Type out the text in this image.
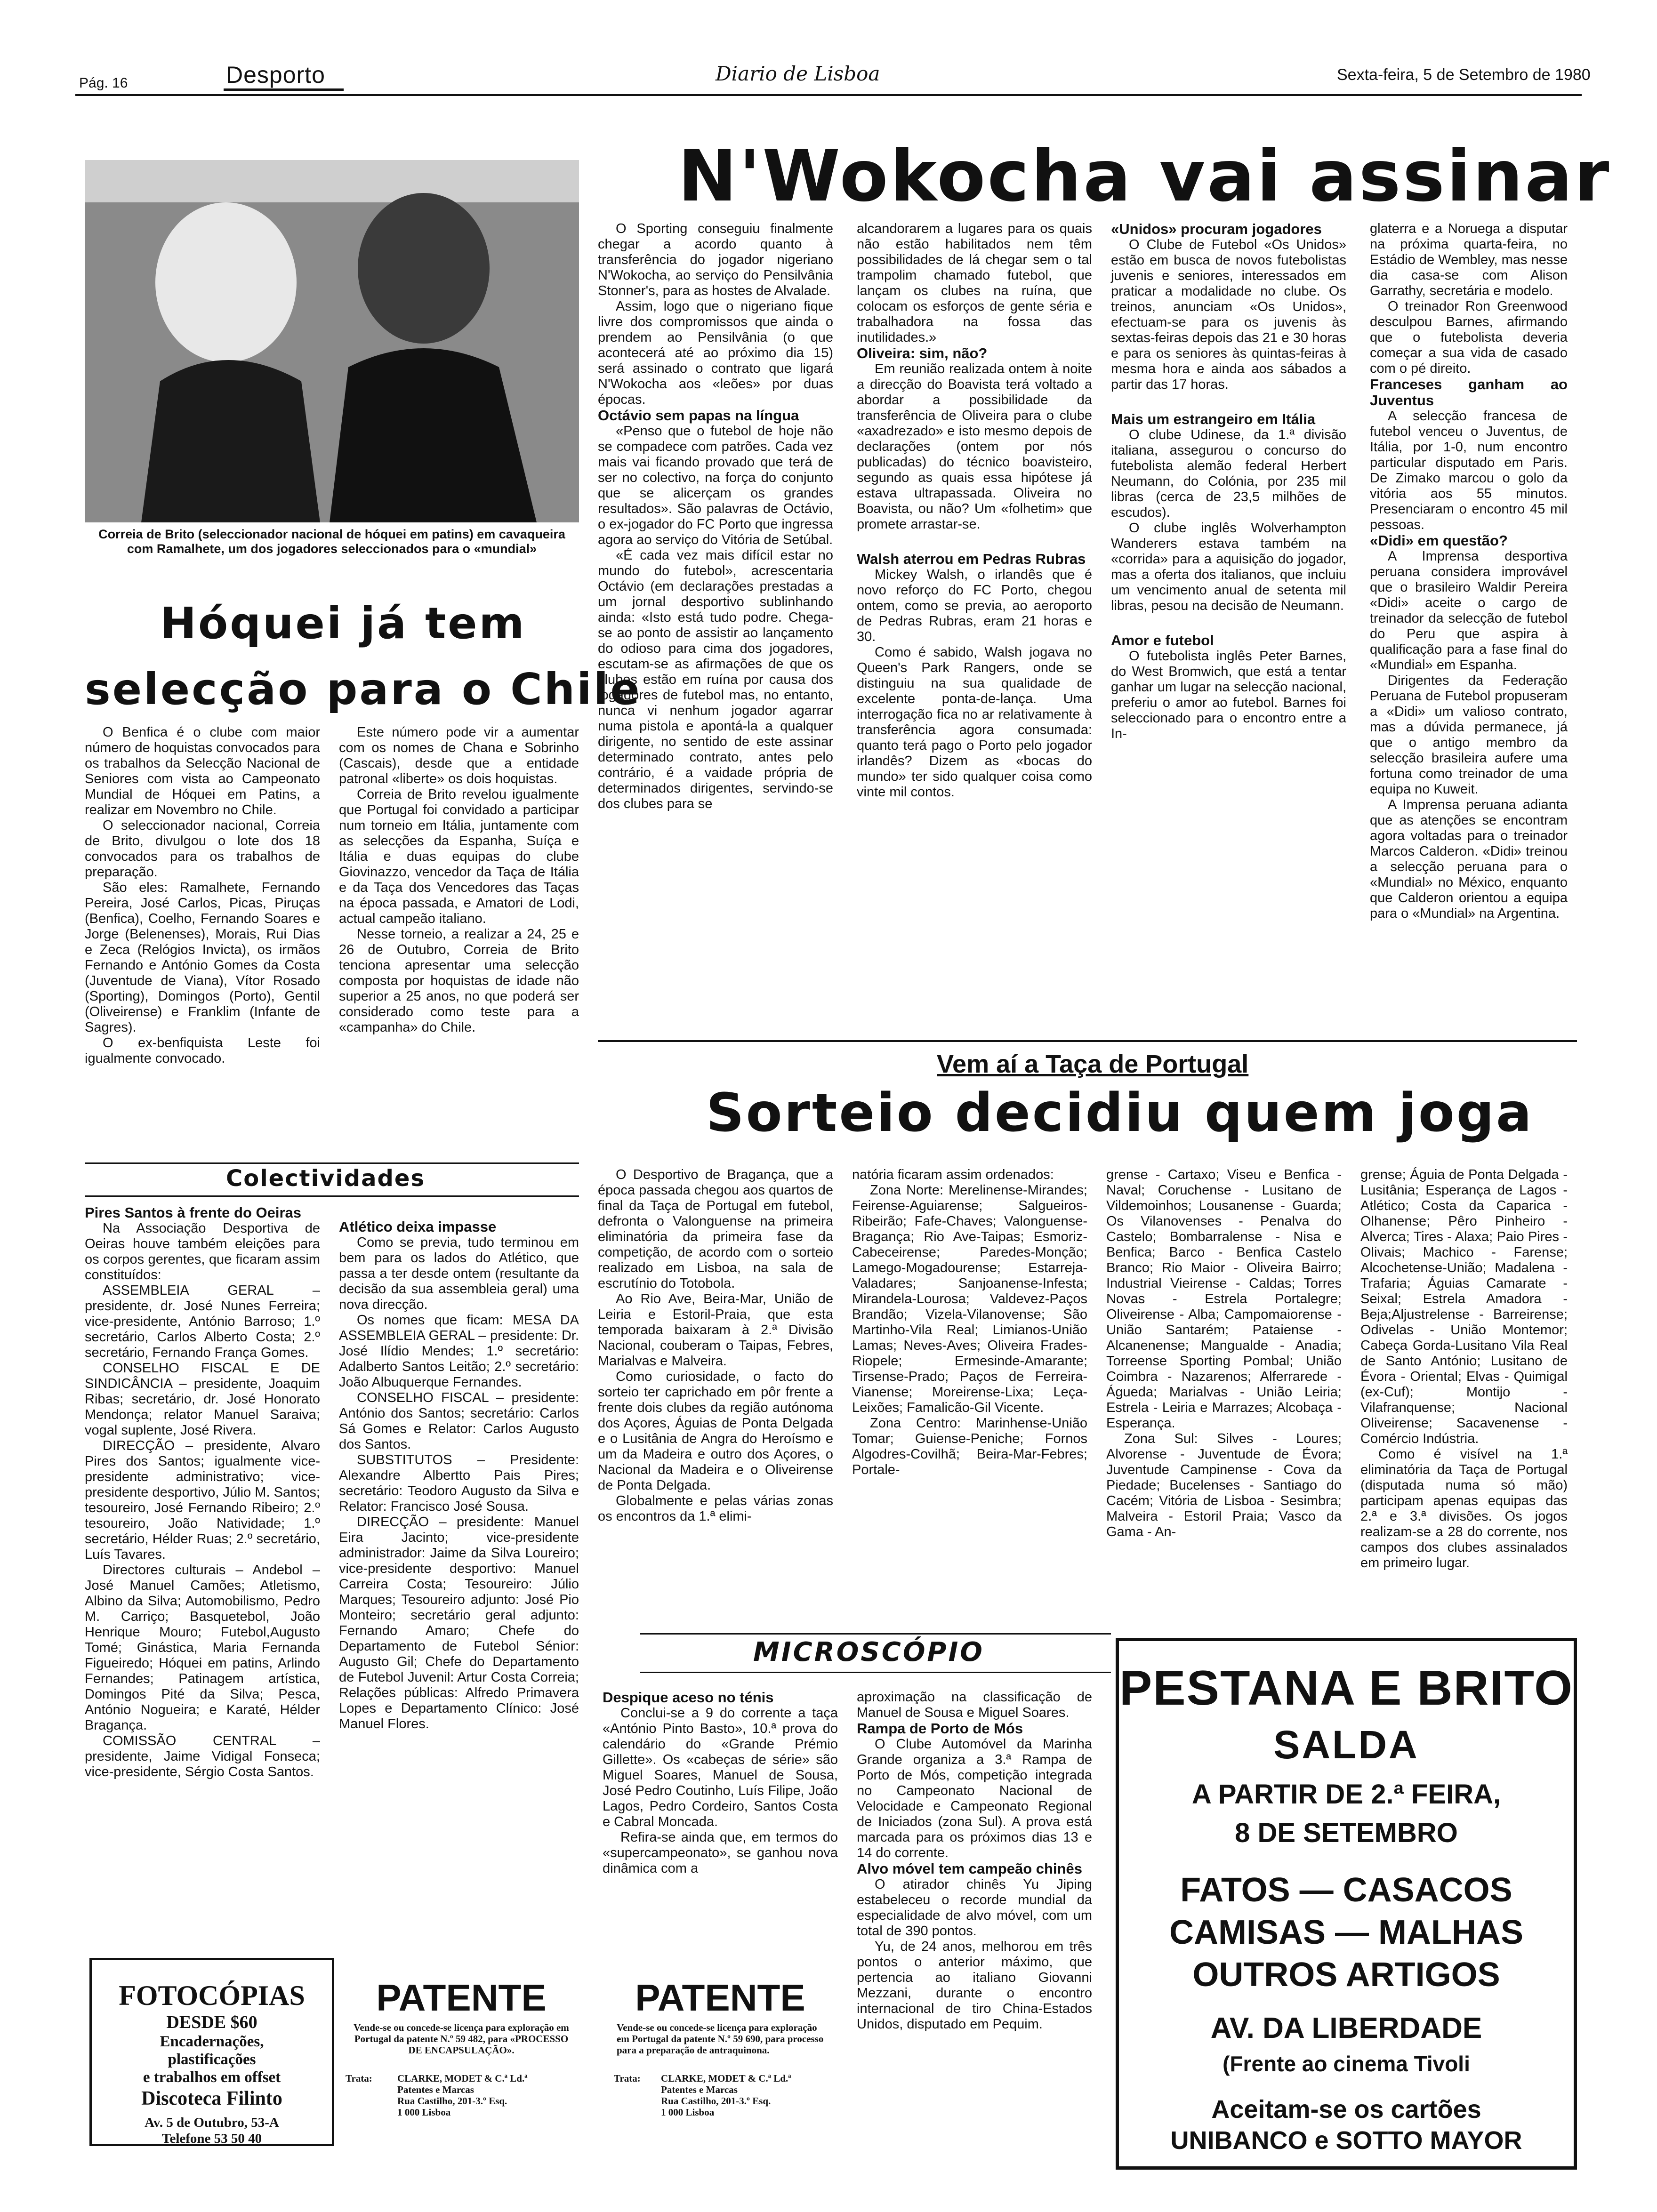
Pág. 16	Desporto	Diario de Lisboa	Sexta-feira, 5 de Setembro de 1980
N'Wokocha vai assinar
Correia de Brito (seleccionador nacional de hóquei em patins) em cavaqueira com Ramalhete, um dos jogadores seleccionados para o «mundial»
Hóquei já tem
selecção para o Chile

O Benfica é o clube com maior número de hoquistas convocados para os trabalhos da Selecção Nacional de Seniores com vista ao Campeonato Mundial de Hóquei em Patins, a realizar em Novembro no Chile.

O seleccionador nacional, Correia de Brito, divulgou o lote dos 18 convocados para os trabalhos de preparação.

São eles: Ramalhete, Fernando Pereira, José Carlos, Picas, Piruças (Benfica), Coelho, Fernando Soares e Jorge (Belenenses), Morais, Rui Dias e Zeca (Relógios Invicta), os irmãos Fernando e António Gomes da Costa (Juventude de Viana), Vítor Rosado (Sporting), Domingos (Porto), Gentil (Oliveirense) e Franklim (Infante de Sagres).

O ex-benfiquista Leste foi igualmente convocado.

Este número pode vir a aumentar com os nomes de Chana e Sobrinho (Cascais), desde que a entidade patronal «liberte» os dois hoquistas.

Correia de Brito revelou igualmente que Portugal foi convidado a participar num torneio em Itália, juntamente com as selecções da Espanha, Suíça e Itália e duas equipas do clube Giovinazzo, vencedor da Taça de Itália e da Taça dos Vencedores das Taças na época passada, e Amatori de Lodi, actual campeão italiano.

Nesse torneio, a realizar a 24, 25 e 26 de Outubro, Correia de Brito tenciona apresentar uma selecção composta por hoquistas de idade não superior a 25 anos, no que poderá ser considerado como teste para a «campanha» do Chile.

O Sporting conseguiu finalmente chegar a acordo quanto à transferência do jogador nigeriano N'Wokocha, ao serviço do Pensilvânia Stonner's, para as hostes de Alvalade.

Assim, logo que o nigeriano fique livre dos compromissos que ainda o prendem ao Pensilvânia (o que acontecerá até ao próximo dia 15) será assinado o contrato que ligará N'Wokocha aos «leões» por duas épocas.

Octávio sem papas na língua

«Penso que o futebol de hoje não se compadece com patrões. Cada vez mais vai ficando provado que terá de ser no colectivo, na força do conjunto que se alicerçam os grandes resultados». São palavras de Octávio, o ex-jogador do FC Porto que ingressa agora ao serviço do Vitória de Setúbal.

«É cada vez mais difícil estar no mundo do futebol», acrescentaria Octávio (em declarações prestadas a um jornal desportivo sublinhando ainda: «Isto está tudo podre. Chega-se ao ponto de assistir ao lançamento do odioso para cima dos jogadores, escutam-se as afirmações de que os clubes estão em ruína por causa dos jogadores de futebol mas, no entanto, nunca vi nenhum jogador agarrar numa pistola e apontá-la a qualquer dirigente, no sentido de este assinar determinado contrato, antes pelo contrário, é a vaidade própria de determinados dirigentes, servindo-se dos clubes para se

alcandorarem a lugares para os quais não estão habilitados nem têm possibilidades de lá chegar sem o tal trampolim chamado futebol, que lançam os clubes na ruína, que colocam os esforços de gente séria e trabalhadora na fossa das inutilidades.»

Oliveira: sim, não?

Em reunião realizada ontem à noite a direcção do Boavista terá voltado a abordar a possibilidade da transferência de Oliveira para o clube «axadrezado» e isto mesmo depois de declarações (ontem por nós publicadas) do técnico boavisteiro, segundo as quais essa hipótese já estava ultrapassada. Oliveira no Boavista, ou não? Um «folhetim» que promete arrastar-se.

Walsh aterrou em Pedras Rubras

Mickey Walsh, o irlandês que é novo reforço do FC Porto, chegou ontem, como se previa, ao aeroporto de Pedras Rubras, eram 21 horas e 30.

Como é sabido, Walsh jogava no Queen's Park Rangers, onde se distinguiu na sua qualidade de excelente ponta-de-lança. Uma interrogação fica no ar relativamente à transferência agora consumada: quanto terá pago o Porto pelo jogador irlandês? Dizem as «bocas do mundo» ter sido qualquer coisa como vinte mil contos.

«Unidos» procuram jogadores

O Clube de Futebol «Os Unidos» estão em busca de novos futebolistas juvenis e seniores, interessados em praticar a modalidade no clube. Os treinos, anunciam «Os Unidos», efectuam-se para os juvenis às sextas-feiras depois das 21 e 30 horas e para os seniores às quintas-feiras à mesma hora e ainda aos sábados a partir das 17 horas.

Mais um estrangeiro em Itália

O clube Udinese, da 1.ª divisão italiana, assegurou o concurso do futebolista alemão federal Herbert Neumann, do Colónia, por 235 mil libras (cerca de 23,5 milhões de escudos).

O clube inglês Wolverhampton Wanderers estava também na «corrida» para a aquisição do jogador, mas a oferta dos italianos, que incluiu um vencimento anual de setenta mil libras, pesou na decisão de Neumann.

Amor e futebol

O futebolista inglês Peter Barnes, do West Bromwich, que está a tentar ganhar um lugar na selecção nacional, preferiu o amor ao futebol. Barnes foi seleccionado para o encontro entre a In-

glaterra e a Noruega a disputar na próxima quarta-feira, no Estádio de Wembley, mas nesse dia casa-se com Alison Garrathy, secretária e modelo.

O treinador Ron Greenwood desculpou Barnes, afirmando que o futebolista deveria começar a sua vida de casado com o pé direito.

Franceses ganham ao Juventus

A selecção francesa de futebol venceu o Juventus, de Itália, por 1-0, num encontro particular disputado em Paris. De Zimako marcou o golo da vitória aos 55 minutos. Presenciaram o encontro 45 mil pessoas.

«Didi» em questão?

A Imprensa desportiva peruana considera improvável que o brasileiro Waldir Pereira «Didi» aceite o cargo de treinador da selecção de futebol do Peru que aspira à qualificação para a fase final do «Mundial» em Espanha.

Dirigentes da Federação Peruana de Futebol propuseram a «Didi» um valioso contrato, mas a dúvida permanece, já que o antigo membro da selecção brasileira aufere uma fortuna como treinador de uma equipa no Kuweit.

A Imprensa peruana adianta que as atenções se encontram agora voltadas para o treinador Marcos Calderon. «Didi» treinou a selecção peruana para o «Mundial» no México, enquanto que Calderon orientou a equipa para o «Mundial» na Argentina.

Vem aí a Taça de Portugal
Sorteio decidiu quem joga
Colectividades

Pires Santos à frente do Oeiras

Na Associação Desportiva de Oeiras houve também eleições para os corpos gerentes, que ficaram assim constituídos:

ASSEMBLEIA GERAL – presidente, dr. José Nunes Ferreira; vice-presidente, António Barroso; 1.º secretário, Carlos Alberto Costa; 2.º secretário, Fernando França Gomes.

CONSELHO FISCAL E DE SINDICÂNCIA – presidente, Joaquim Ribas; secretário, dr. José Honorato Mendonça; relator Manuel Saraiva; vogal suplente, José Rivera.

DIRECÇÃO – presidente, Alvaro Pires dos Santos; igualmente vice-presidente administrativo; vice-presidente desportivo, Júlio M. Santos; tesoureiro, José Fernando Ribeiro; 2.º tesoureiro, João Natividade; 1.º secretário, Hélder Ruas; 2.º secretário, Luís Tavares.

Directores culturais – Andebol – José Manuel Camões; Atletismo, Albino da Silva; Automobilismo, Pedro M. Carriço; Basquetebol, João Henrique Mouro; Futebol,Augusto Tomé; Ginástica, Maria Fernanda Figueiredo; Hóquei em patins, Arlindo Fernandes; Patinagem artística, Domingos Pité da Silva; Pesca, António Nogueira; e Karaté, Hélder Bragança.

COMISSÃO CENTRAL – presidente, Jaime Vidigal Fonseca; vice-presidente, Sérgio Costa Santos.

Atlético deixa impasse

Como se previa, tudo terminou em bem para os lados do Atlético, que passa a ter desde ontem (resultante da decisão da sua assembleia geral) uma nova direcção.

Os nomes que ficam: MESA DA ASSEMBLEIA GERAL – presidente: Dr. José Ilídio Mendes; 1.º secretário: Adalberto Santos Leitão; 2.º secretário: João Albuquerque Fernandes.

CONSELHO FISCAL – presidente: António dos Santos; secretário: Carlos Sá Gomes e Relator: Carlos Augusto dos Santos.

SUBSTITUTOS – Presidente: Alexandre Albertto Pais Pires; secretário: Teodoro Augusto da Silva e Relator: Francisco José Sousa.

DIRECÇÃO – presidente: Manuel Eira Jacinto; vice-presidente administrador: Jaime da Silva Loureiro; vice-presidente desportivo: Manuel Carreira Costa; Tesoureiro: Júlio Marques; Tesoureiro adjunto: José Pio Monteiro; secretário geral adjunto: Fernando Amaro; Chefe do Departamento de Futebol Sénior: Augusto Gil; Chefe do Departamento de Futebol Juvenil: Artur Costa Correia; Relações públicas: Alfredo Primavera Lopes e Departamento Clínico: José Manuel Flores.

O Desportivo de Bragança, que a época passada chegou aos quartos de final da Taça de Portugal em futebol, defronta o Valonguense na primeira eliminatória da primeira fase da competição, de acordo com o sorteio realizado em Lisboa, na sala de escrutínio do Totobola.

Ao Rio Ave, Beira-Mar, União de Leiria e Estoril-Praia, que esta temporada baixaram à 2.ª Divisão Nacional, couberam o Taipas, Febres, Marialvas e Malveira.

Como curiosidade, o facto do sorteio ter caprichado em pôr frente a frente dois clubes da região autónoma dos Açores, Águias de Ponta Delgada e o Lusitânia de Angra do Heroísmo e um da Madeira e outro dos Açores, o Nacional da Madeira e o Oliveirense de Ponta Delgada.

Globalmente e pelas várias zonas os encontros da 1.ª elimi-

natória ficaram assim ordenados:

Zona Norte: Merelinense-Mirandes; Feirense-Aguiarense; Salgueiros-Ribeirão; Fafe-Chaves; Valonguense-Bragança; Rio Ave-Taipas; Esmoriz-Cabeceirense; Paredes-Monção; Lamego-Mogadourense; Estarreja-Valadares; Sanjoanense-Infesta; Mirandela-Lourosa; Valdevez-Paços Brandão; Vizela-Vilanovense; São Martinho-Vila Real; Limianos-União Lamas; Neves-Aves; Oliveira Frades-Riopele; Ermesinde-Amarante; Tirsense-Prado; Paços de Ferreira-Vianense; Moreirense-Lixa; Leça-Leixões; Famalicão-Gil Vicente.

Zona Centro: Marinhense-União Tomar; Guiense-Peniche; Fornos Algodres-Covilhã; Beira-Mar-Febres; Portale-

grense - Cartaxo; Viseu e Benfica - Naval; Coruchense - Lusitano de Vildemoinhos; Lousanense - Guarda; Os Vilanovenses - Penalva do Castelo; Bombarralense - Nisa e Benfica; Barco - Benfica Castelo Branco; Rio Maior - Oliveira Bairro; Industrial Vieirense - Caldas; Torres Novas - Estrela Portalegre; Oliveirense - Alba; Campomaiorense - União Santarém; Pataiense - Alcanenense; Mangualde - Anadia; Torreense Sporting Pombal; União Coimbra - Nazarenos; Alferrarede - Águeda; Marialvas - União Leiria; Estrela - Leiria e Marrazes; Alcobaça -Esperança.

Zona Sul: Silves - Loures; Alvorense - Juventude de Évora; Juventude Campinense - Cova da Piedade; Bucelenses - Santiago do Cacém; Vitória de Lisboa - Sesimbra; Malveira - Estoril Praia; Vasco da Gama - An-

grense; Águia de Ponta Delgada - Lusitânia; Esperança de Lagos - Atlético; Costa da Caparica -Olhanense; Pêro Pinheiro - Alverca; Tires - Alaxa; Paio Pires -Olivais; Machico - Farense; Alcochetense-União; Madalena - Trafaria; Águias Camarate -Seixal; Estrela Amadora - Beja;Aljustrelense - Barreirense; Odivelas - União Montemor; Cabeça Gorda-Lusitano Vila Real de Santo António; Lusitano de Évora - Oriental; Elvas - Quimigal (ex-Cuf); Montijo - Vilafranquense; Nacional Oliveirense; Sacavenense - Comércio Indústria.

Como é visível na 1.ª eliminatória da Taça de Portugal (disputada numa só mão) participam apenas equipas das 2.ª e 3.ª divisões. Os jogos realizam-se a 28 do corrente, nos campos dos clubes assinalados em primeiro lugar.

MICROSCÓPIO

Despique aceso no ténis

Conclui-se a 9 do corrente a taça «António Pinto Basto», 10.ª prova do calendário do «Grande Prémio Gillette». Os «cabeças de série» são Miguel Soares, Manuel de Sousa, José Pedro Coutinho, Luís Filipe, João Lagos, Pedro Cordeiro, Santos Costa e Cabral Moncada.

Refira-se ainda que, em termos do «supercampeonato», se ganhou nova dinâmica com a

aproximação na classificação de Manuel de Sousa e Miguel Soares.

Rampa de Porto de Mós

O Clube Automóvel da Marinha Grande organiza a 3.ª Rampa de Porto de Mós, competição integrada no Campeonato Nacional de Velocidade e Campeonato Regional de Iniciados (zona Sul). A prova está marcada para os próximos dias 13 e 14 do corrente.

Alvo móvel tem campeão chinês

O atirador chinês Yu Jiping estabeleceu o recorde mundial da especialidade de alvo móvel, com um total de 390 pontos.

Yu, de 24 anos, melhorou em três pontos o anterior máximo, que pertencia ao italiano Giovanni Mezzani, durante o encontro internacional de tiro China-Estados Unidos, disputado em Pequim.

FOTOCÓPIAS
DESDE $60
Encadernações,
plastificações
e trabalhos em offset
Discoteca Filinto
Av. 5 de Outubro, 53-A
Telefone 53 50 40
PATENTE
Vende-se ou concede-se licença para exploração em Portugal da patente N.º 59 482, para «PROCESSO DE ENCAPSULAÇÃO».
Trata:	CLARKE, MODET & C.ª Ld.ª
Patentes e Marcas
Rua Castilho, 201-3.º Esq.
1 000 Lisboa
PATENTE
Vende-se ou concede-se licença para exploração em Portugal da patente N.º 59 690, para processo para a preparação de antraquinona.
Trata: CLARKE, MODET & C.ª Ld.ª
Patentes e Marcas
Rua Castilho, 201-3.º Esq.
1 000 Lisboa
PESTANA E BRITO
SALDA
A PARTIR DE 2.ª FEIRA,
8 DE SETEMBRO
FATOS — CASACOS
CAMISAS — MALHAS
OUTROS ARTIGOS
AV. DA LIBERDADE
(Frente ao cinema Tivoli
Aceitam-se os cartões
UNIBANCO e SOTTO MAYOR
